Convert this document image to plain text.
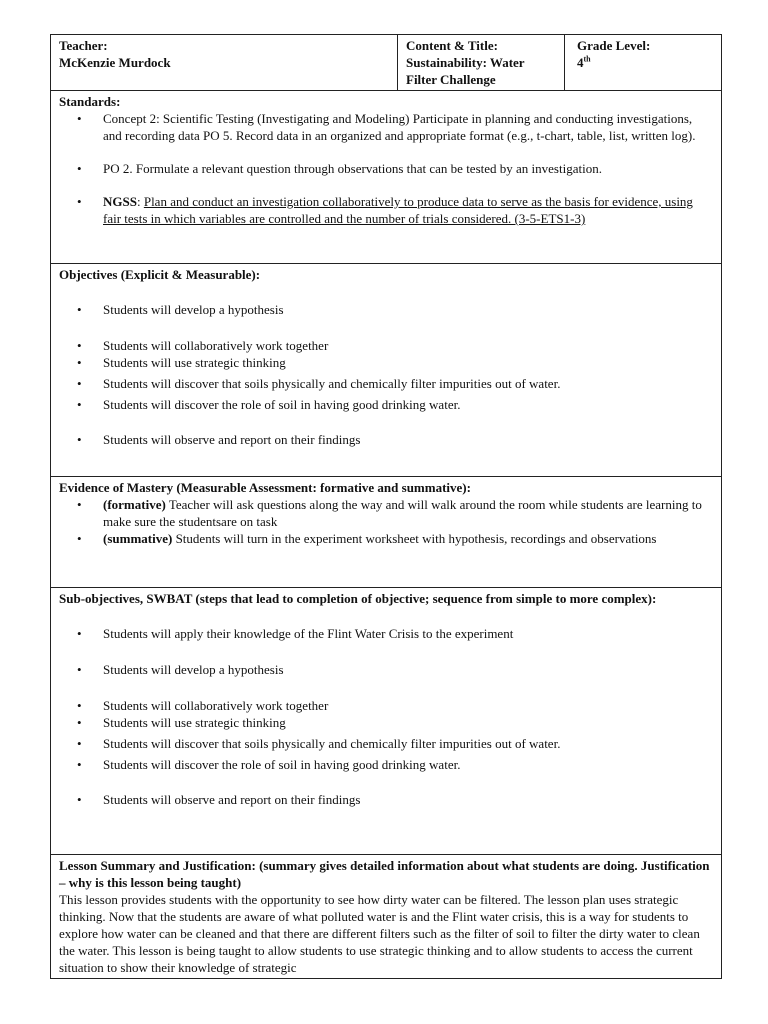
Teacher:
McKenzie Murdock

Content & Title:
Sustainability: Water Filter Challenge

Grade Level:
4th

Standards:
• Concept 2: Scientific Testing (Investigating and Modeling) Participate in planning and conducting investigations, and recording data PO 5. Record data in an organized and appropriate format (e.g., t-chart, table, list, written log).
• PO 2. Formulate a relevant question through observations that can be tested by an investigation.
• NGSS: Plan and conduct an investigation collaboratively to produce data to serve as the basis for evidence, using fair tests in which variables are controlled and the number of trials considered. (3-5-ETS1-3)

Objectives (Explicit & Measurable):
• Students will develop a hypothesis
• Students will collaboratively work together
• Students will use strategic thinking
• Students will discover that soils physically and chemically filter impurities out of water.
• Students will discover the role of soil in having good drinking water.
• Students will observe and report on their findings

Evidence of Mastery (Measurable Assessment: formative and summative):
• (formative) Teacher will ask questions along the way and will walk around the room while students are learning to make sure the studentsare on task
• (summative) Students will turn in the experiment worksheet with hypothesis, recordings and observations

Sub-objectives, SWBAT (steps that lead to completion of objective; sequence from simple to more complex):
• Students will apply their knowledge of the Flint Water Crisis to the experiment
• Students will develop a hypothesis
• Students will collaboratively work together
• Students will use strategic thinking
• Students will discover that soils physically and chemically filter impurities out of water.
• Students will discover the role of soil in having good drinking water.
• Students will observe and report on their findings

Lesson Summary and Justification: (summary gives detailed information about what students are doing. Justification – why is this lesson being taught)
This lesson provides students with the opportunity to see how dirty water can be filtered. The lesson plan uses strategic thinking. Now that the students are aware of what polluted water is and the Flint water crisis, this is a way for students to explore how water can be cleaned and that there are different filters such as the filter of soil to filter the dirty water to clean the water. This lesson is being taught to allow students to use strategic thinking and to allow students to access the current situation to show their knowledge of strategic
